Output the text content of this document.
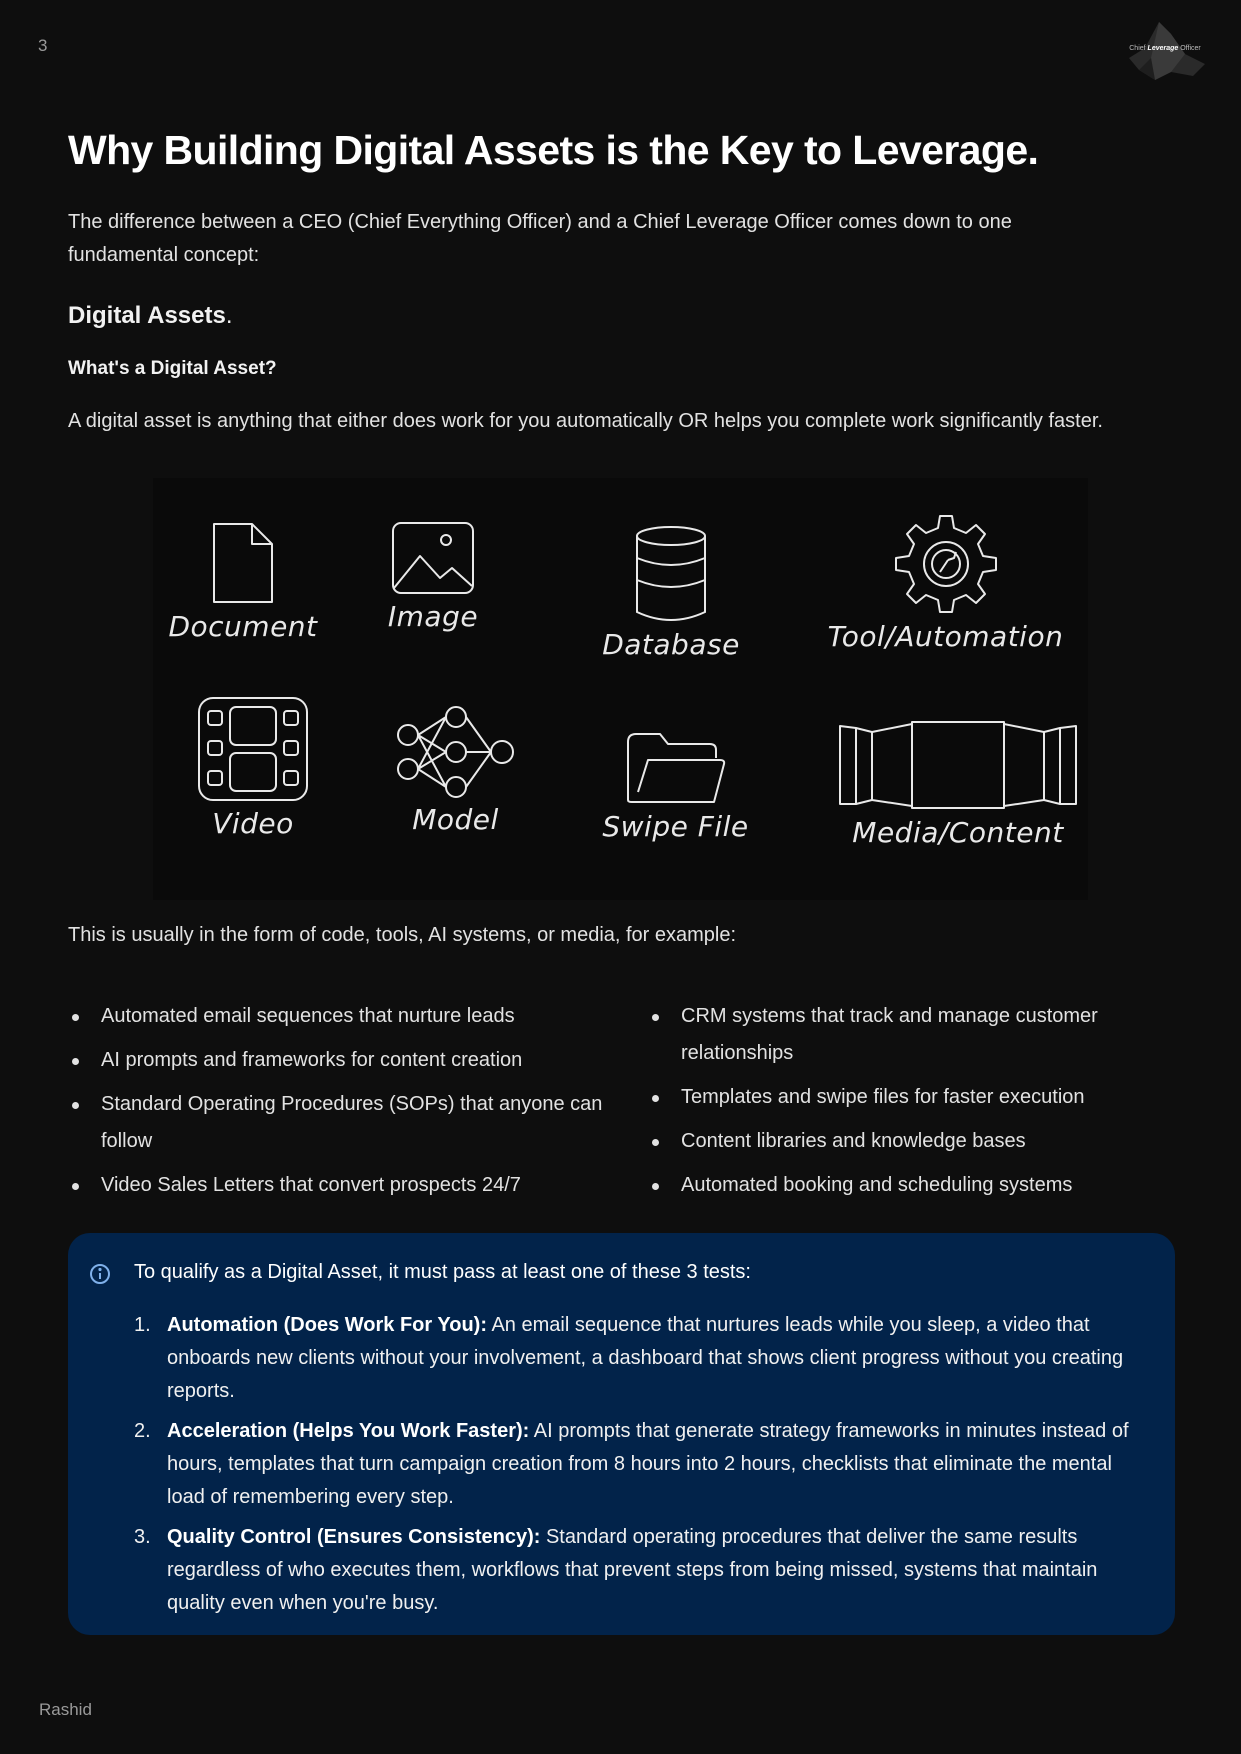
3	Chief Leverage Officer
Why Building Digital Assets is the Key to Leverage.

The difference between a CEO (Chief Everything Officer) and a Chief Leverage Officer comes down to one fundamental concept:

Digital Assets.
What's a Digital Asset?

A digital asset is anything that either does work for you automatically OR helps you complete work significantly faster.

Document	Image
Database	Tool/Automation
Video	Model	Swipe File	Media/Content

This is usually in the form of code, tools, AI systems, or media, for example:

Automated email sequences that nurture leads
AI prompts and frameworks for content creation
Standard Operating Procedures (SOPs) that anyone can follow
Video Sales Letters that convert prospects 24/7
CRM systems that track and manage customer relationships
Templates and swipe files for faster execution
Content libraries and knowledge bases
Automated booking and scheduling systems

To qualify as a Digital Asset, it must pass at least one of these 3 tests:

1. Automation (Does Work For You): An email sequence that nurtures leads while you sleep, a video that onboards new clients without your involvement, a dashboard that shows client progress without you creating reports.
2. Acceleration (Helps You Work Faster): AI prompts that generate strategy frameworks in minutes instead of hours, templates that turn campaign creation from 8 hours into 2 hours, checklists that eliminate the mental load of remembering every step.
3. Quality Control (Ensures Consistency): Standard operating procedures that deliver the same results regardless of who executes them, workflows that prevent steps from being missed, systems that maintain quality even when you're busy.
Rashid
